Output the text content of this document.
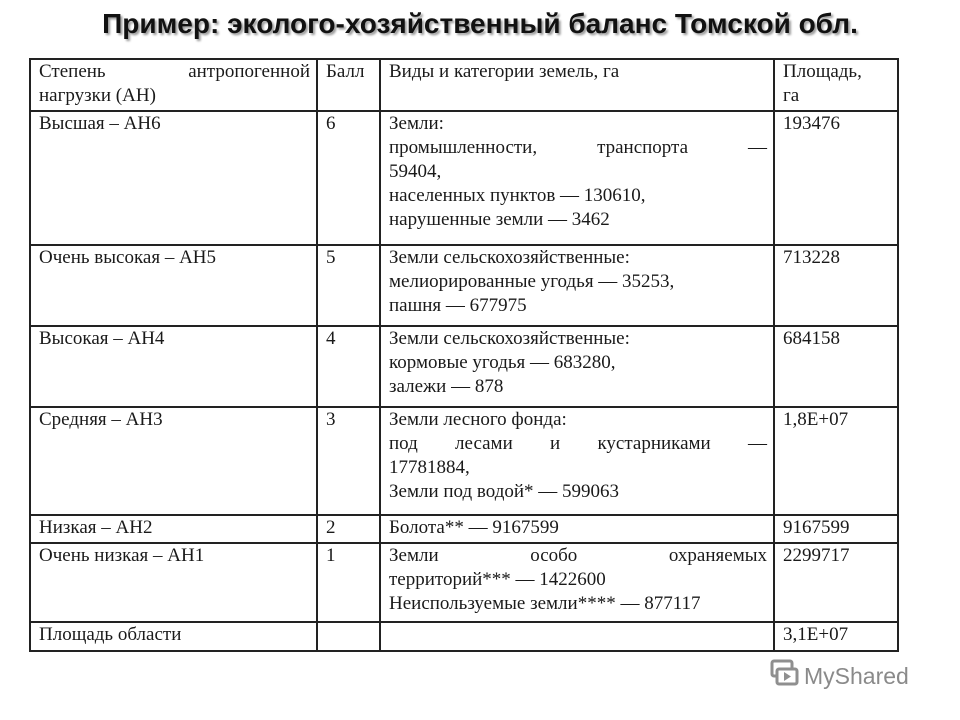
Пример: эколого-хозяйственный баланс Томской обл.
Степень антропогенной
нагрузки (АН)	Балл	Виды и категории земель, га	Площадь,
га

Высшая – АН6	6	Земли:
промышленности, транспорта —
59404,
населенных пунктов — 130610,
нарушенные земли — 3462	193476

Очень высокая – АН5	5	Земли сельскохозяйственные:
мелиорированные угодья — 35253,
пашня — 677975	713228

Высокая – АН4	4	Земли сельскохозяйственные:
кормовые угодья — 683280,
залежи — 878	684158

Средняя – АН3	3	Земли лесного фонда:
под лесами и кустарниками —
17781884,
Земли под водой* — 599063	1,8E+07

Низкая – АН2	2	Болота** — 9167599	9167599

Очень низкая – АН1	1	Земли особо охраняемых
территорий*** — 1422600
Неиспользуемые земли**** — 877117	2299717

Площадь области			3,1E+07
MyShared
